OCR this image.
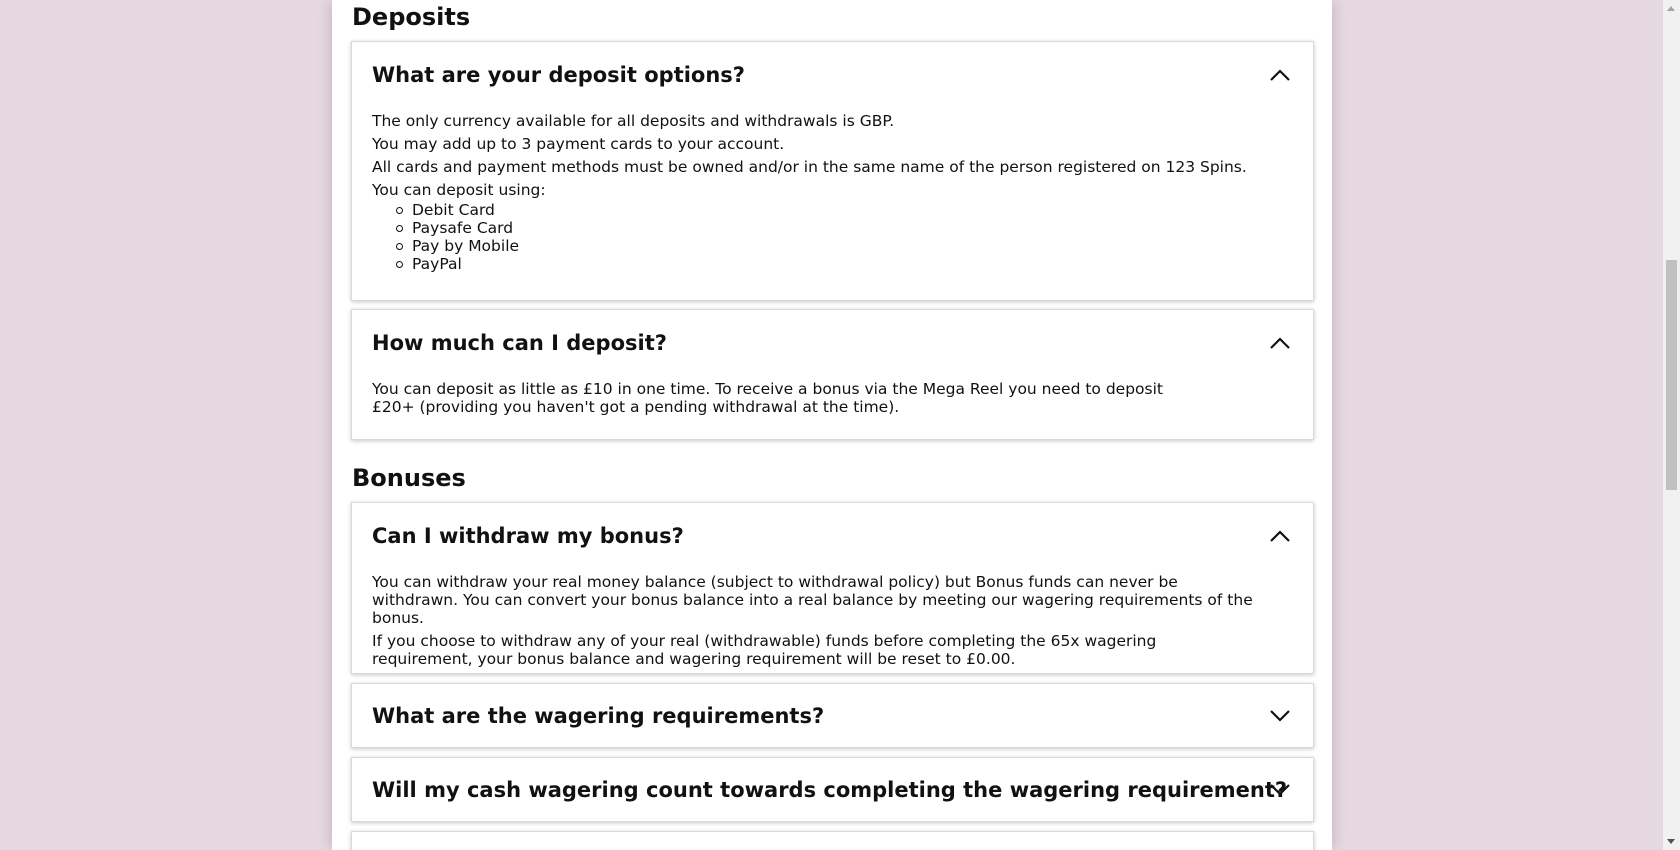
Deposits
What are your deposit options?

The only currency available for all deposits and withdrawals is GBP.

You may add up to 3 payment cards to your account.

All cards and payment methods must be owned and/or in the same name of the person registered on 123 Spins.

You can deposit using:

Debit Card
Paysafe Card
Pay by Mobile
PayPal
How much can I deposit?

You can deposit as little as £10 in one time. To receive a bonus via the Mega Reel you need to deposit £20+ (providing you haven't got a pending withdrawal at the time).

Bonuses
Can I withdraw my bonus?

You can withdraw your real money balance (subject to withdrawal policy) but Bonus funds can never be withdrawn. You can convert your bonus balance into a real balance by meeting our wagering requirements of the bonus.

If you choose to withdraw any of your real (withdrawable) funds before completing the 65x wagering requirement, your bonus balance and wagering requirement will be reset to £0.00.

What are the wagering requirements?
Will my cash wagering count towards completing the wagering requirement?
